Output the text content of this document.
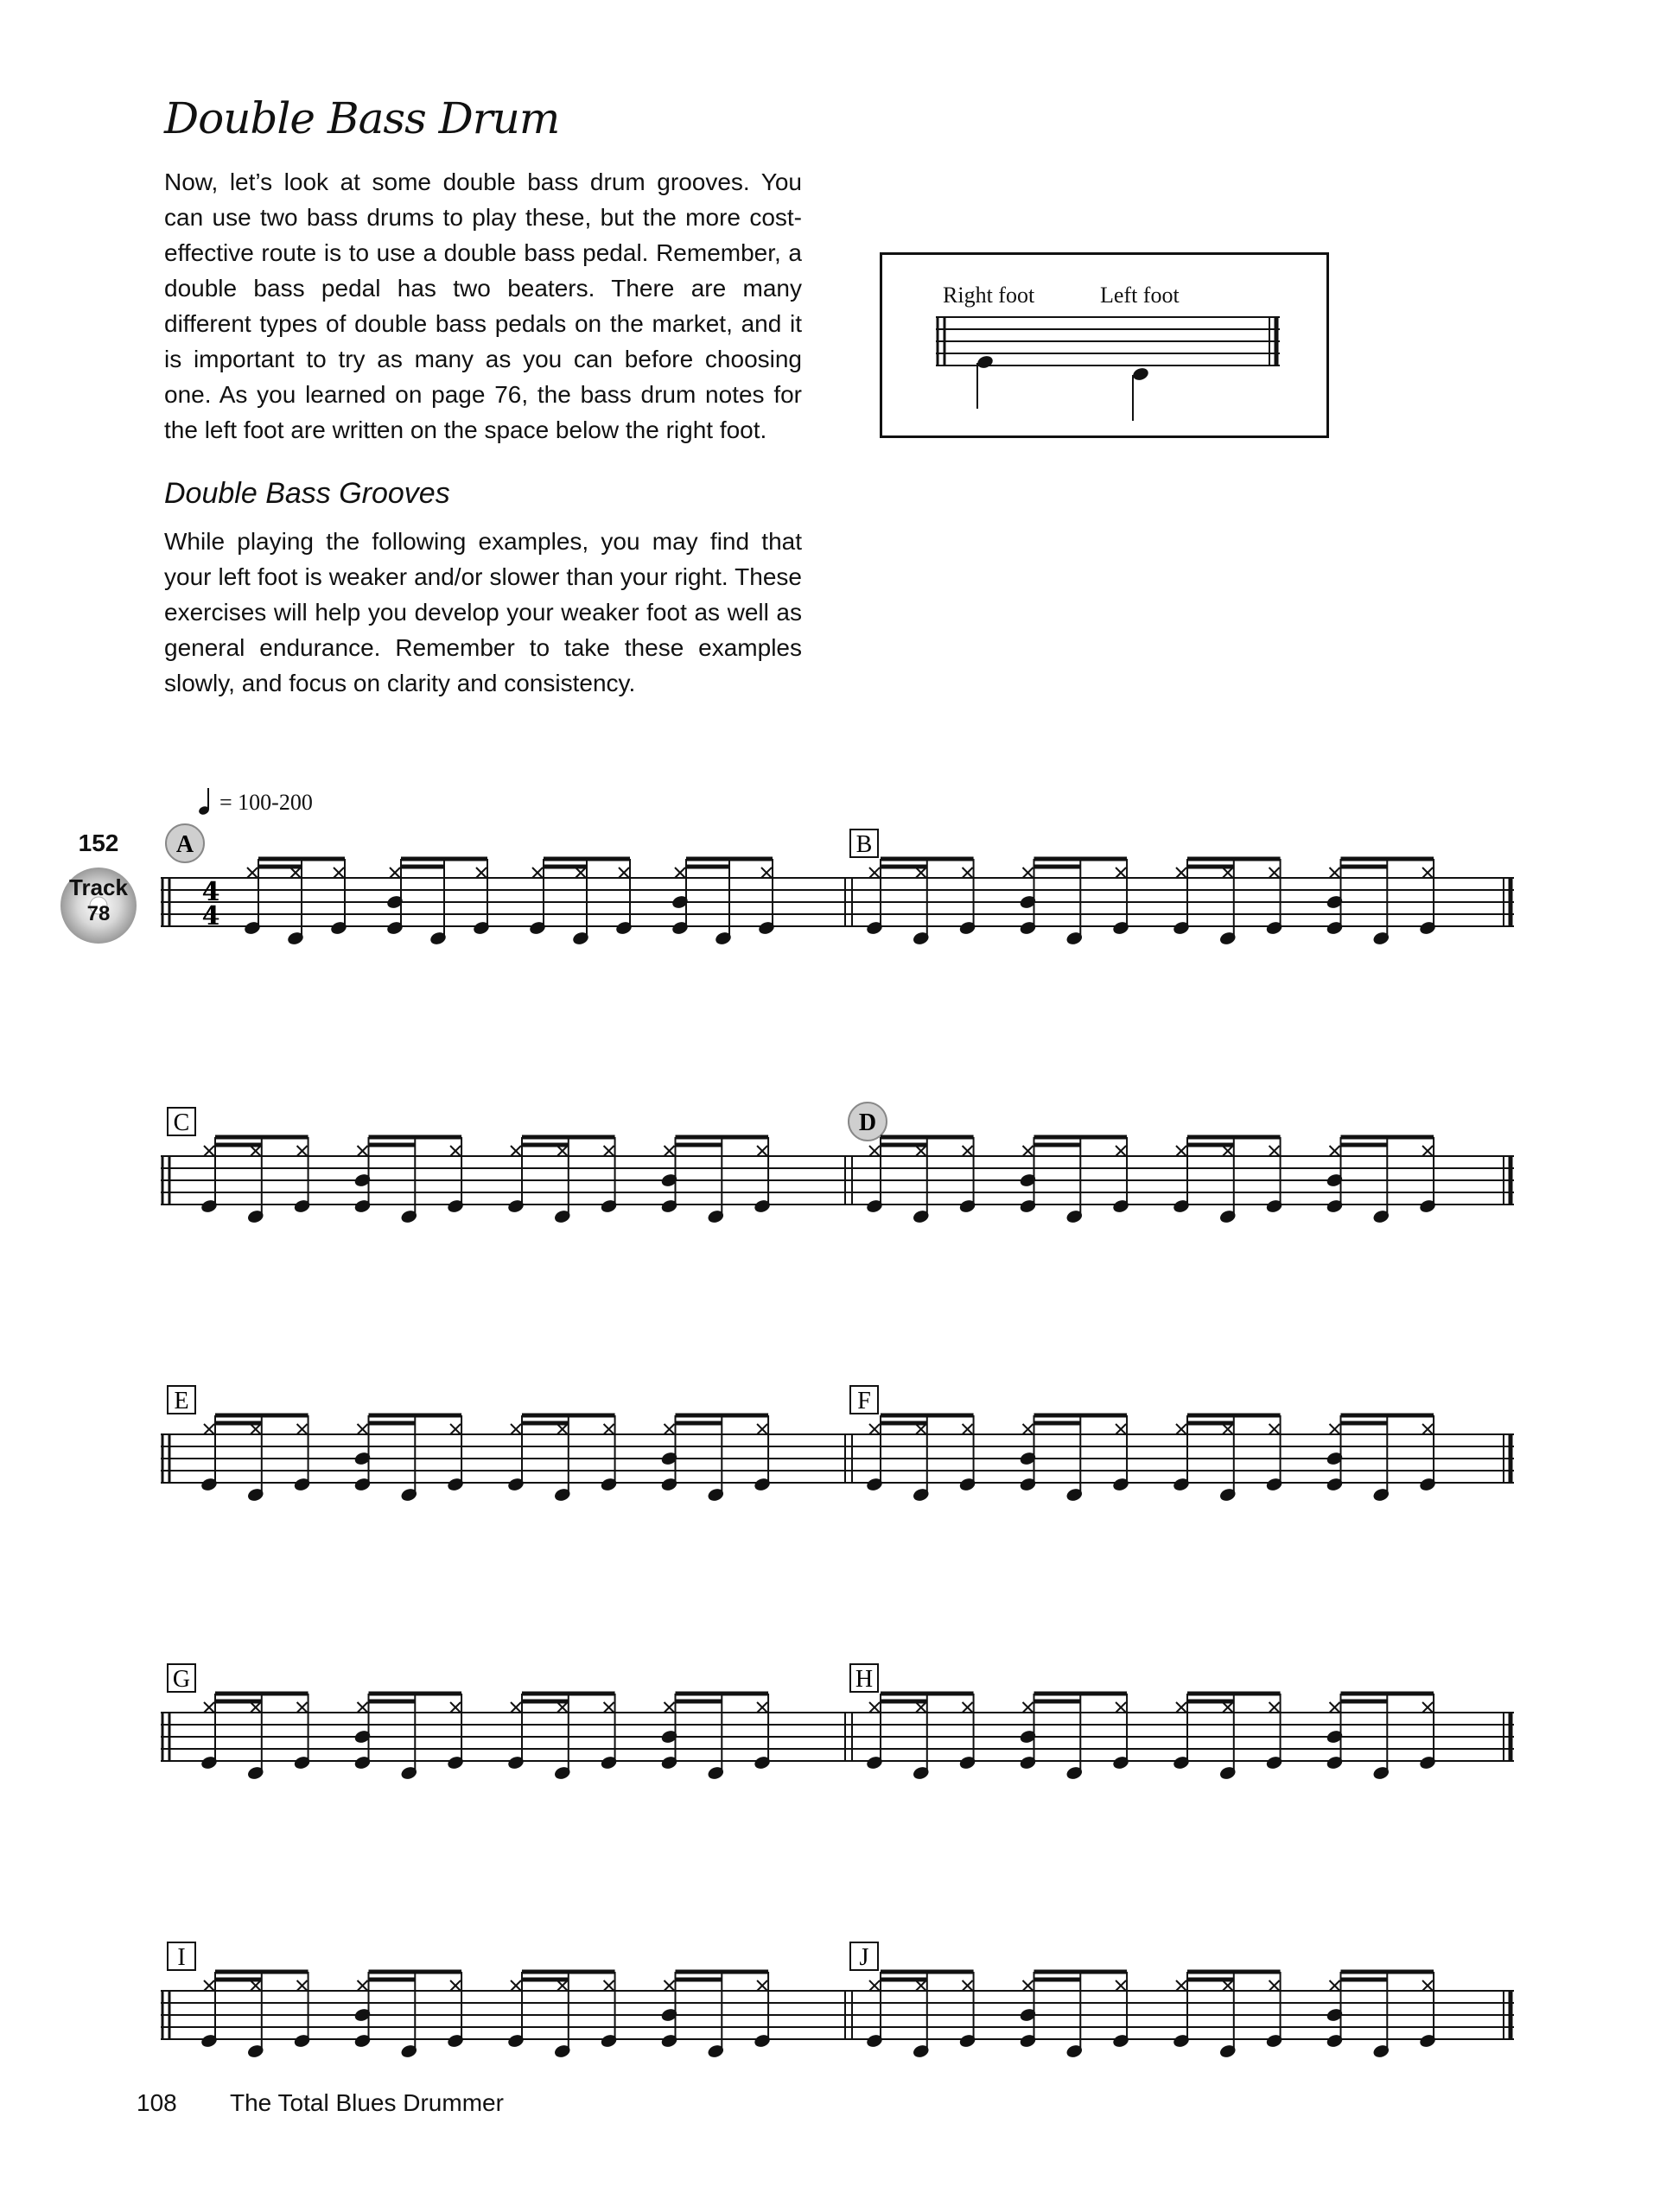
Double Bass Drum
Now, let’s look at some double bass drum grooves. You can use two bass drums to play these, but the more cost-effective route is to use a double bass pedal. Remember, a double bass pedal has two beaters. There are many different types of double bass pedals on the market, and it is important to try as many as you can before choosing one. As you learned on page 76, the bass drum notes for the left foot are written on the space below the right foot.
Right foot	Left foot
Double Bass Grooves
While playing the following examples, you may find that your left foot is weaker and/or slower than your right. These exercises will help you develop your weaker foot as well as general endurance. Remember to take these examples slowly, and focus on clarity and consistency.
= 100-200
152
Track
78
4
4
A	B
C	D
E	F
G	H
I	J
108 The Total Blues Drummer
